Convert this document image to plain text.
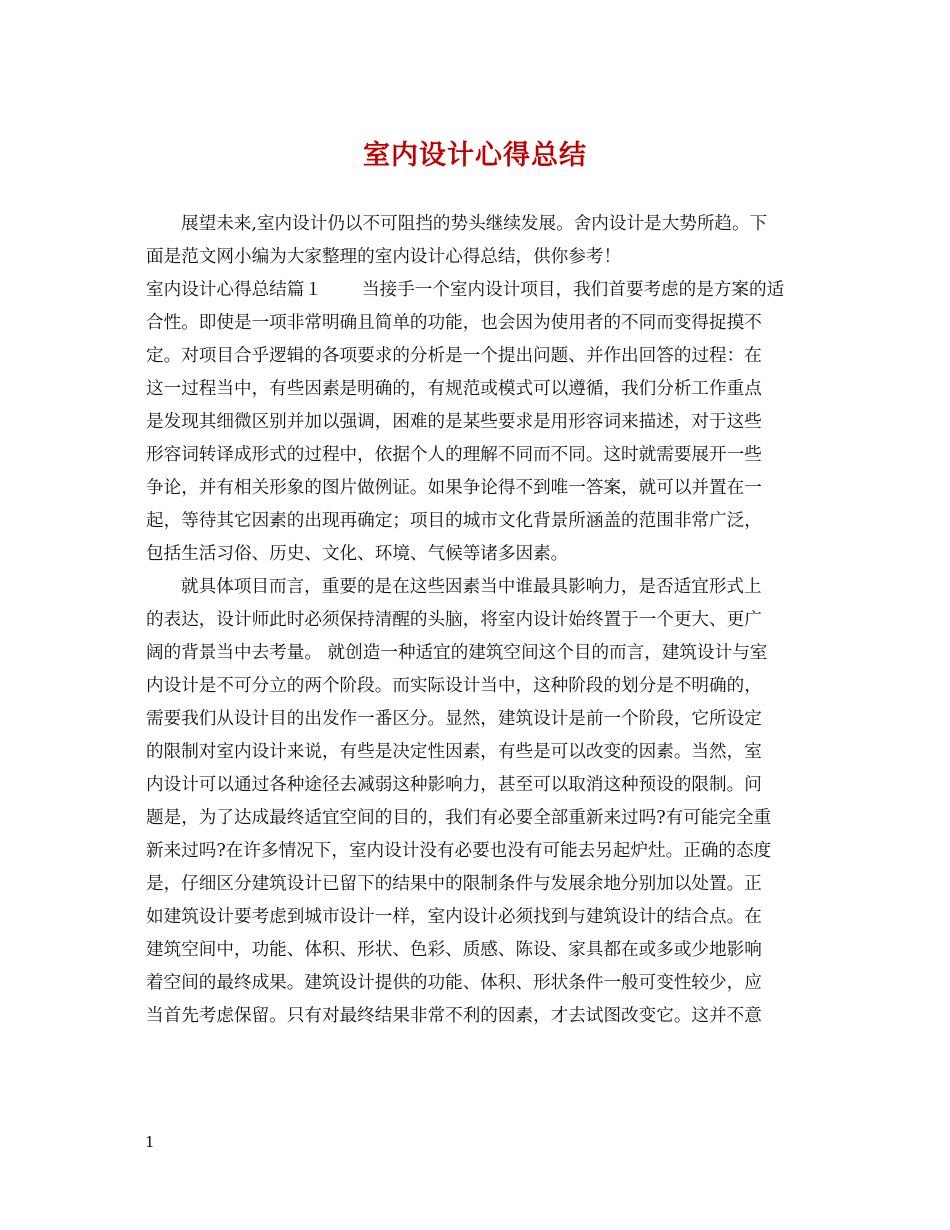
室内设计心得总结
展望未来,室内设计仍以不可阻挡的势头继续发展。舍内设计是大势所趋。下
面是范文网小编为大家整理的室内设计心得总结，供你参考！
室内设计心得总结篇１ 当接手一个室内设计项目，我们首要考虑的是方案的适
合性。即使是一项非常明确且简单的功能，也会因为使用者的不同而变得捉摸不
定。对项目合乎逻辑的各项要求的分析是一个提出问题、并作出回答的过程：在
这一过程当中，有些因素是明确的，有规范或模式可以遵循，我们分析工作重点
是发现其细微区别并加以强调，困难的是某些要求是用形容词来描述，对于这些
形容词转译成形式的过程中，依据个人的理解不同而不同。这时就需要展开一些
争论，并有相关形象的图片做例证。如果争论得不到唯一答案，就可以并置在一
起，等待其它因素的出现再确定；项目的城市文化背景所涵盖的范围非常广泛，
包括生活习俗、历史、文化、环境、气候等诸多因素。
就具体项目而言，重要的是在这些因素当中谁最具影响力，是否适宜形式上
的表达，设计师此时必须保持清醒的头脑，将室内设计始终置于一个更大、更广
阔的背景当中去考量。 就创造一种适宜的建筑空间这个目的而言，建筑设计与室
内设计是不可分立的两个阶段。而实际设计当中，这种阶段的划分是不明确的，
需要我们从设计目的出发作一番区分。显然，建筑设计是前一个阶段，它所设定
的限制对室内设计来说，有些是决定性因素，有些是可以改变的因素。当然，室
内设计可以通过各种途径去减弱这种影响力，甚至可以取消这种预设的限制。问
题是，为了达成最终适宜空间的目的，我们有必要全部重新来过吗?有可能完全重
新来过吗?在许多情况下，室内设计没有必要也没有可能去另起炉灶。正确的态度
是，仔细区分建筑设计已留下的结果中的限制条件与发展余地分别加以处置。正
如建筑设计要考虑到城市设计一样，室内设计必须找到与建筑设计的结合点。在
建筑空间中，功能、体积、形状、色彩、质感、陈设、家具都在或多或少地影响
着空间的最终成果。建筑设计提供的功能、体积、形状条件一般可变性较少，应
当首先考虑保留。只有对最终结果非常不利的因素，才去试图改变它。这并不意
1
